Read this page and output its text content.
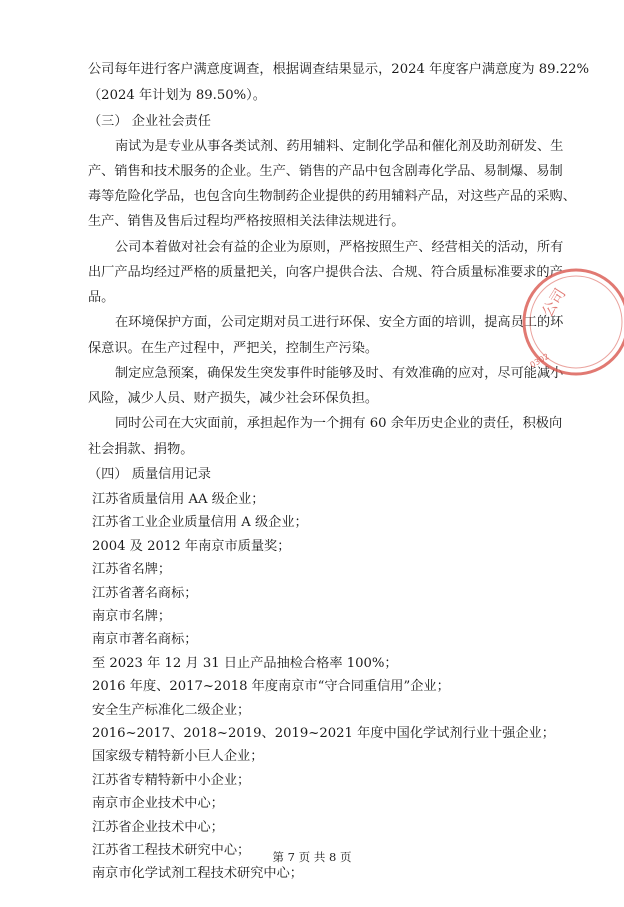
公司每年进行客户满意度调查，根据调查结果显示，2024 年度客户满意度为 89.22%
（2024 年计划为 89.50%）。
（三） 企业社会责任
南试为是专业从事各类试剂、药用辅料、定制化学品和催化剂及助剂研发、生
产、销售和技术服务的企业。生产、销售的产品中包含剧毒化学品、易制爆、易制
毒等危险化学品，也包含向生物制药企业提供的药用辅料产品，对这些产品的采购、
生产、销售及售后过程均严格按照相关法律法规进行。
公司本着做对社会有益的企业为原则，严格按照生产、经营相关的活动，所有
出厂产品均经过严格的质量把关，向客户提供合法、合规、符合质量标准要求的产
品。
在环境保护方面，公司定期对员工进行环保、安全方面的培训，提高员工的环
保意识。在生产过程中，严把关，控制生产污染。
制定应急预案，确保发生突发事件时能够及时、有效准确的应对，尽可能减小
风险，减少人员、财产损失，减少社会环保负担。
同时公司在大灾面前，承担起作为一个拥有 60 余年历史企业的责任，积极向
社会捐款、捐物。
（四） 质量信用记录
江苏省质量信用 AA 级企业；
江苏省工业企业质量信用 A 级企业；
2004 及 2012 年南京市质量奖；
江苏省名牌；
江苏省著名商标；
南京市名牌；
南京市著名商标；
至 2023 年 12 月 31 日止产品抽检合格率 100%；
2016 年度、2017~2018 年度南京市“守合同重信用”企业；
安全生产标准化二级企业；
2016~2017、2018~2019、2019~2021 年度中国化学试剂行业十强企业；
国家级专精特新小巨人企业；
江苏省专精特新中小企业；
南京市企业技术中心；
第 7 页 共 8 页
公司
0302
江苏省企业技术中心；
江苏省工程技术研究中心；
南京市化学试剂工程技术研究中心；
